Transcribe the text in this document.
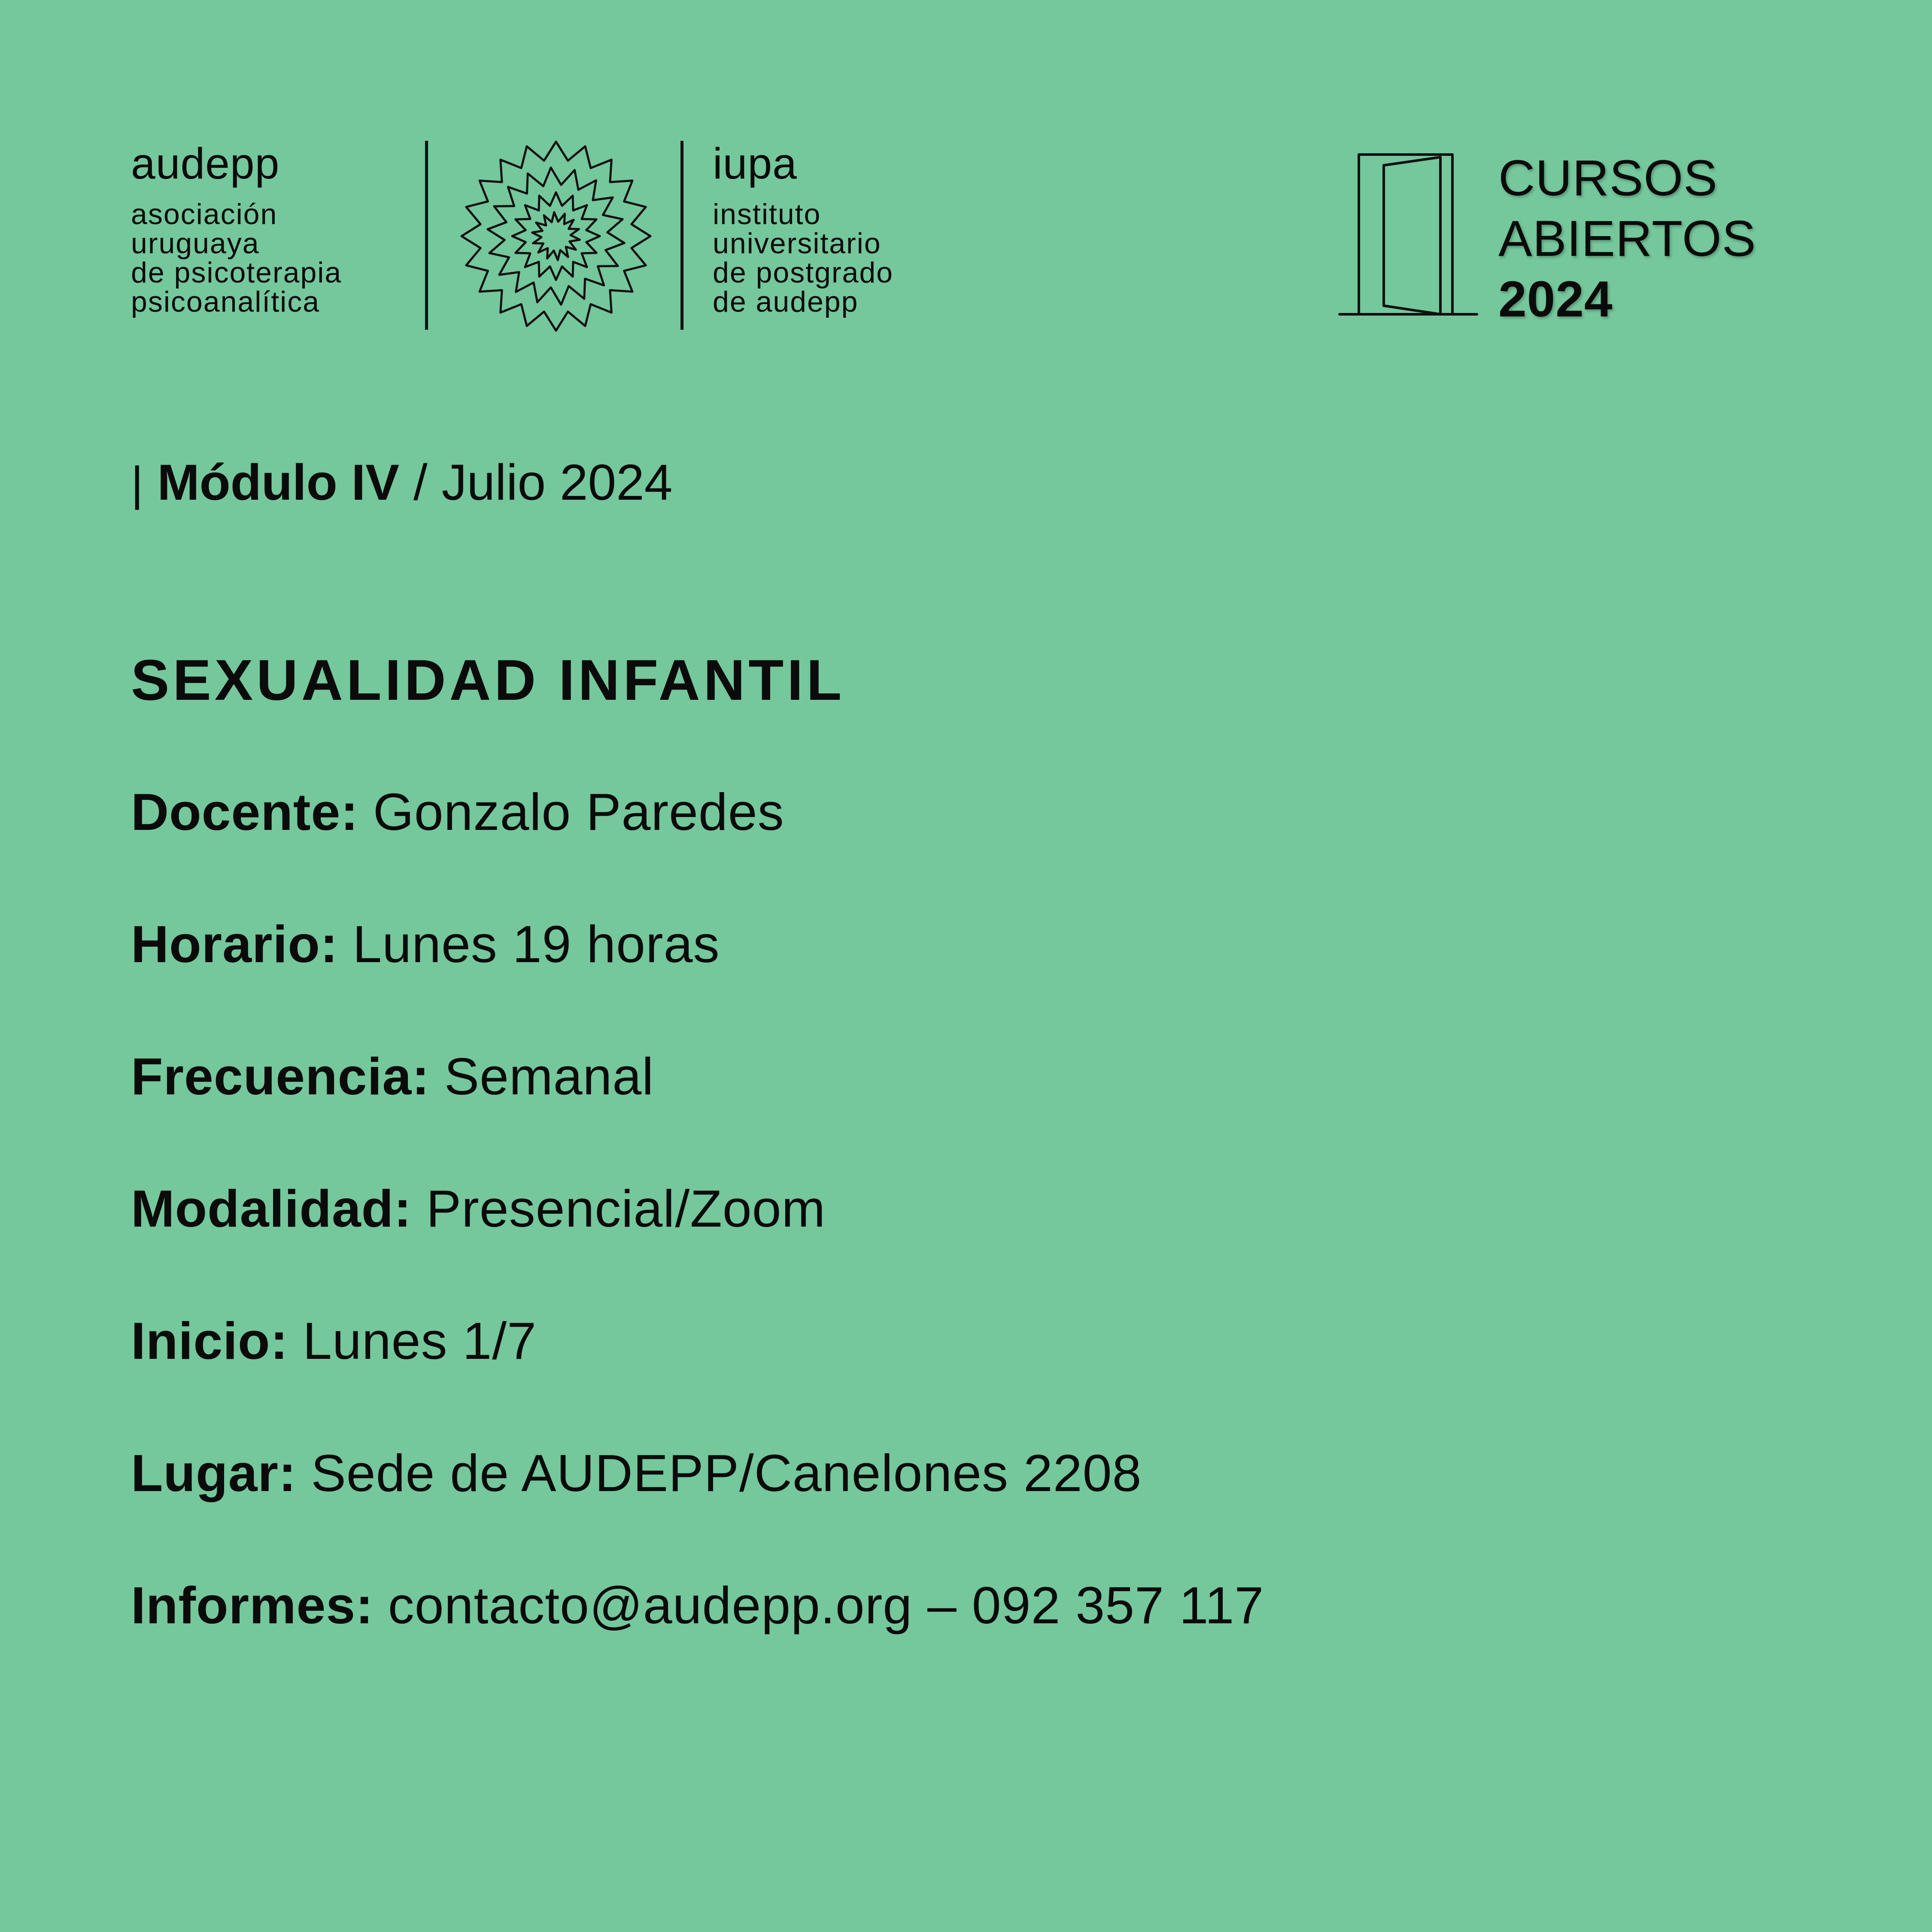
audepp
asociación
uruguaya
de psicoterapia
psicoanalítica
iupa
instituto
universitario
de postgrado
de audepp
CURSOS
ABIERTOS
2024
| Módulo IV / Julio 2024
SEXUALIDAD INFANTIL
Docente: Gonzalo Paredes
Horario: Lunes 19 horas
Frecuencia: Semanal
Modalidad: Presencial/Zoom
Inicio: Lunes 1/7
Lugar: Sede de AUDEPP/Canelones 2208
Informes: contacto@audepp.org – 092 357 117
